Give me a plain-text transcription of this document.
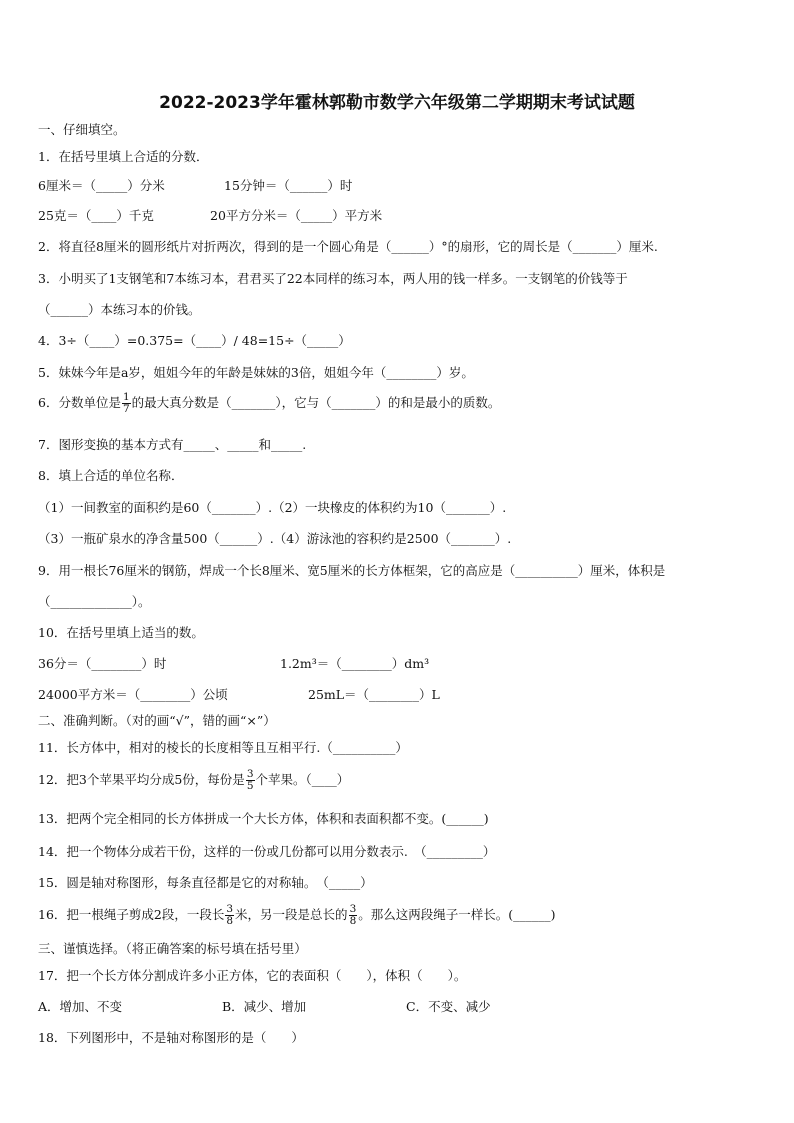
2022-2023学年霍林郭勒市数学六年级第二学期期末考试试题
一、仔细填空。
1．在括号里填上合适的分数．
6厘米＝（_____）分米	15分钟＝（______）时
25克＝（____）千克	20平方分米＝（_____）平方米
2．将直径8厘米的圆形纸片对折两次，得到的是一个圆心角是（______）°的扇形，它的周长是（_______）厘米.
3．小明买了1支钢笔和7本练习本，君君买了22本同样的练习本，两人用的钱一样多。一支钢笔的价钱等于
（______）本练习本的价钱。
4．3÷（____）=0.375=（____）/ 48=15÷（_____）
5．妹妹今年是a岁，姐姐今年的年龄是妹妹的3倍，姐姐今年（________）岁。
6．分数单位是 $\frac{1}{7}$ 的最大真分数是（_______），它与（_______）的和是最小的质数。
7．图形变换的基本方式有_____、_____和_____.
8．填上合适的单位名称．
（1）一间教室的面积约是60（_______）.（2）一块橡皮的体积约为10（_______）.
（3）一瓶矿泉水的净含量500（______）.（4）游泳池的容积约是2500（_______）.
9．用一根长76厘米的钢筋，焊成一个长8厘米、宽5厘米的长方体框架，它的高应是（__________）厘米，体积是
（_____________）。
10．在括号里填上适当的数。
36分＝（________）时	1.2m³＝（________）dm³
24000平方米＝（________）公顷	25mL＝（________）L
二、准确判断。（对的画“√”，错的画“×”）
11．长方体中，相对的棱长的长度相等且互相平行.（__________）
12．把3个苹果平均分成5份，每份是 $\frac{3}{5}$ 个苹果。（____）
13．把两个完全相同的长方体拼成一个大长方体，体积和表面积都不变。(______)
14．把一个物体分成若干份，这样的一份或几份都可以用分数表示.　（_________）
15．圆是轴对称图形，每条直径都是它的对称轴。　（_____）
16．把一根绳子剪成2段，一段长 $\frac{3}{8}$ 米，另一段是总长的 $\frac{3}{8}$ 。那么这两段绳子一样长。(______)
三、谨慎选择。（将正确答案的标号填在括号里）
17．把一个长方体分割成许多小正方体，它的表面积（　　），体积（　　）。
A．增加、不变	B．减少、增加	C．不变、减少
18．下列图形中，不是轴对称图形的是（　　）
